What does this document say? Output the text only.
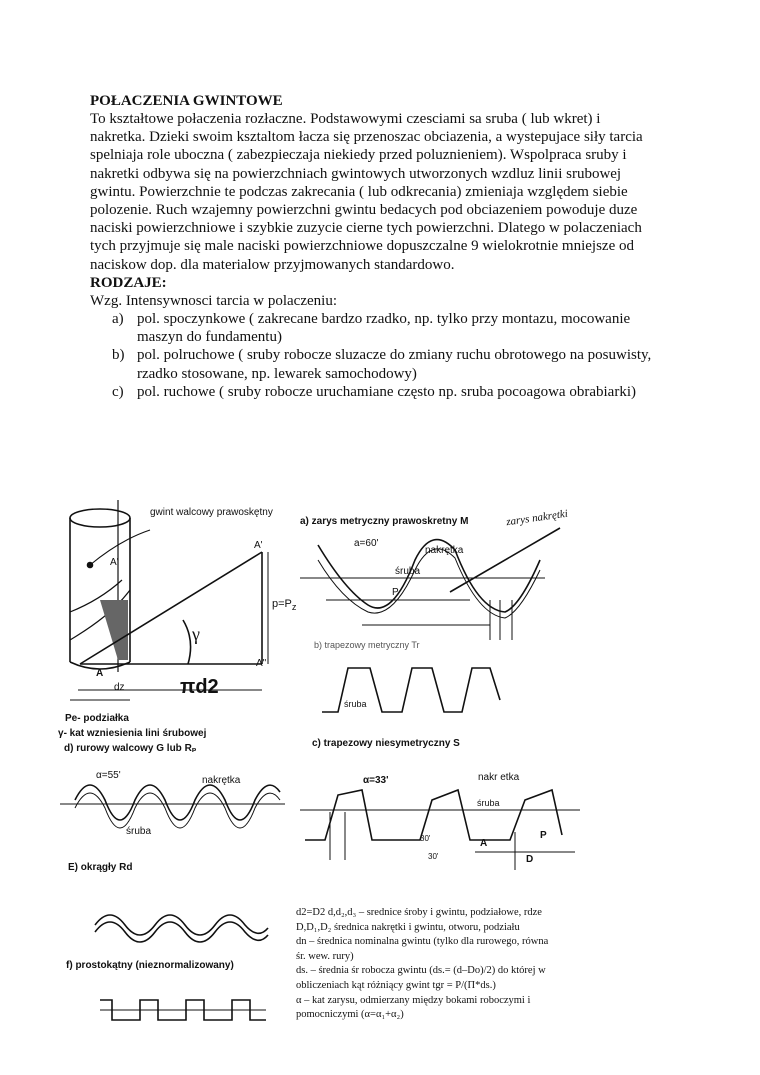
POŁACZENIA GWINTOWE

To kształtowe połaczenia rozłaczne. Podstawowymi czesciami sa sruba ( lub wkret) i

nakretka. Dzieki swoim ksztaltom łacza się przenoszac obciazenia, a wystepujace siły tarcia

spelniaja role uboczna ( zabezpieczaja niekiedy przed poluznieniem). Wspolpraca sruby i

nakretki odbywa się na powierzchniach gwintowych utworzonych wzdluz linii srubowej

gwintu. Powierzchnie te podczas zakrecania ( lub odkrecania) zmieniaja względem siebie

polozenie. Ruch wzajemny powierzchni gwintu bedacych pod obciazeniem powoduje duze

naciski powierzchniowe i szybkie zuzycie cierne tych powierzchni. Dlatego w polaczeniach

tych przyjmuje się male naciski powierzchniowe dopuszczalne 9 wielokrotnie mniejsze od

naciskow dop. dla materialow przyjmowanych standardowo.

RODZAJE:

Wzg. Intensywnosci tarcia w polaczeniu:

a) pol. spoczynkowe ( zakrecane bardzo rzadko, np. tylko przy montazu, mocowanie
maszyn do fundamentu)
b) pol. polruchowe ( sruby robocze sluzacze do zmiany ruchu obrotowego na posuwisty,
rzadko stosowane, np. lewarek samochodowy)
c) pol. ruchowe ( sruby robocze uruchamiane często np. sruba pocoagowa obrabiarki)
gwint walcowy prawoskętny
A'
A'
A"
A
$p=P_z$
γ
dz	πd2
Pe- podziałka
γ- kat wzniesienia lini śrubowej
d) rurowy walcowy G lub Rₚ
α=55'	nakrętka
śruba
a) zarys metryczny prawoskretny M
a=60'
nakrętka
śruba
P
zarys nakrętki
b) trapezowy metryczny Tr
śruba
c) trapezowy niesymetryczny S
α=33'	nakr etka
śruba
P
A
D
30'
30'
E) okrągły Rd
f) prostokątny (nieznormalizowany)
d2=D2 d,d₂,d₃ – srednice śroby i gwintu, podziałowe, rdze
D,D₁,D₂ średnica nakrętki i gwintu, otworu, podziału
dn – średnica nominalna gwintu (tylko dla rurowego, równa
śr. wew. rury)
ds. – średnia śr robocza gwintu (ds.= (d–Do)/2) do której w
obliczeniach kąt różniący gwint tgr = P/(Π*ds.)
α – kat zarysu, odmierzany między bokami roboczymi i
pomocniczymi (α=α₁+α₂)
